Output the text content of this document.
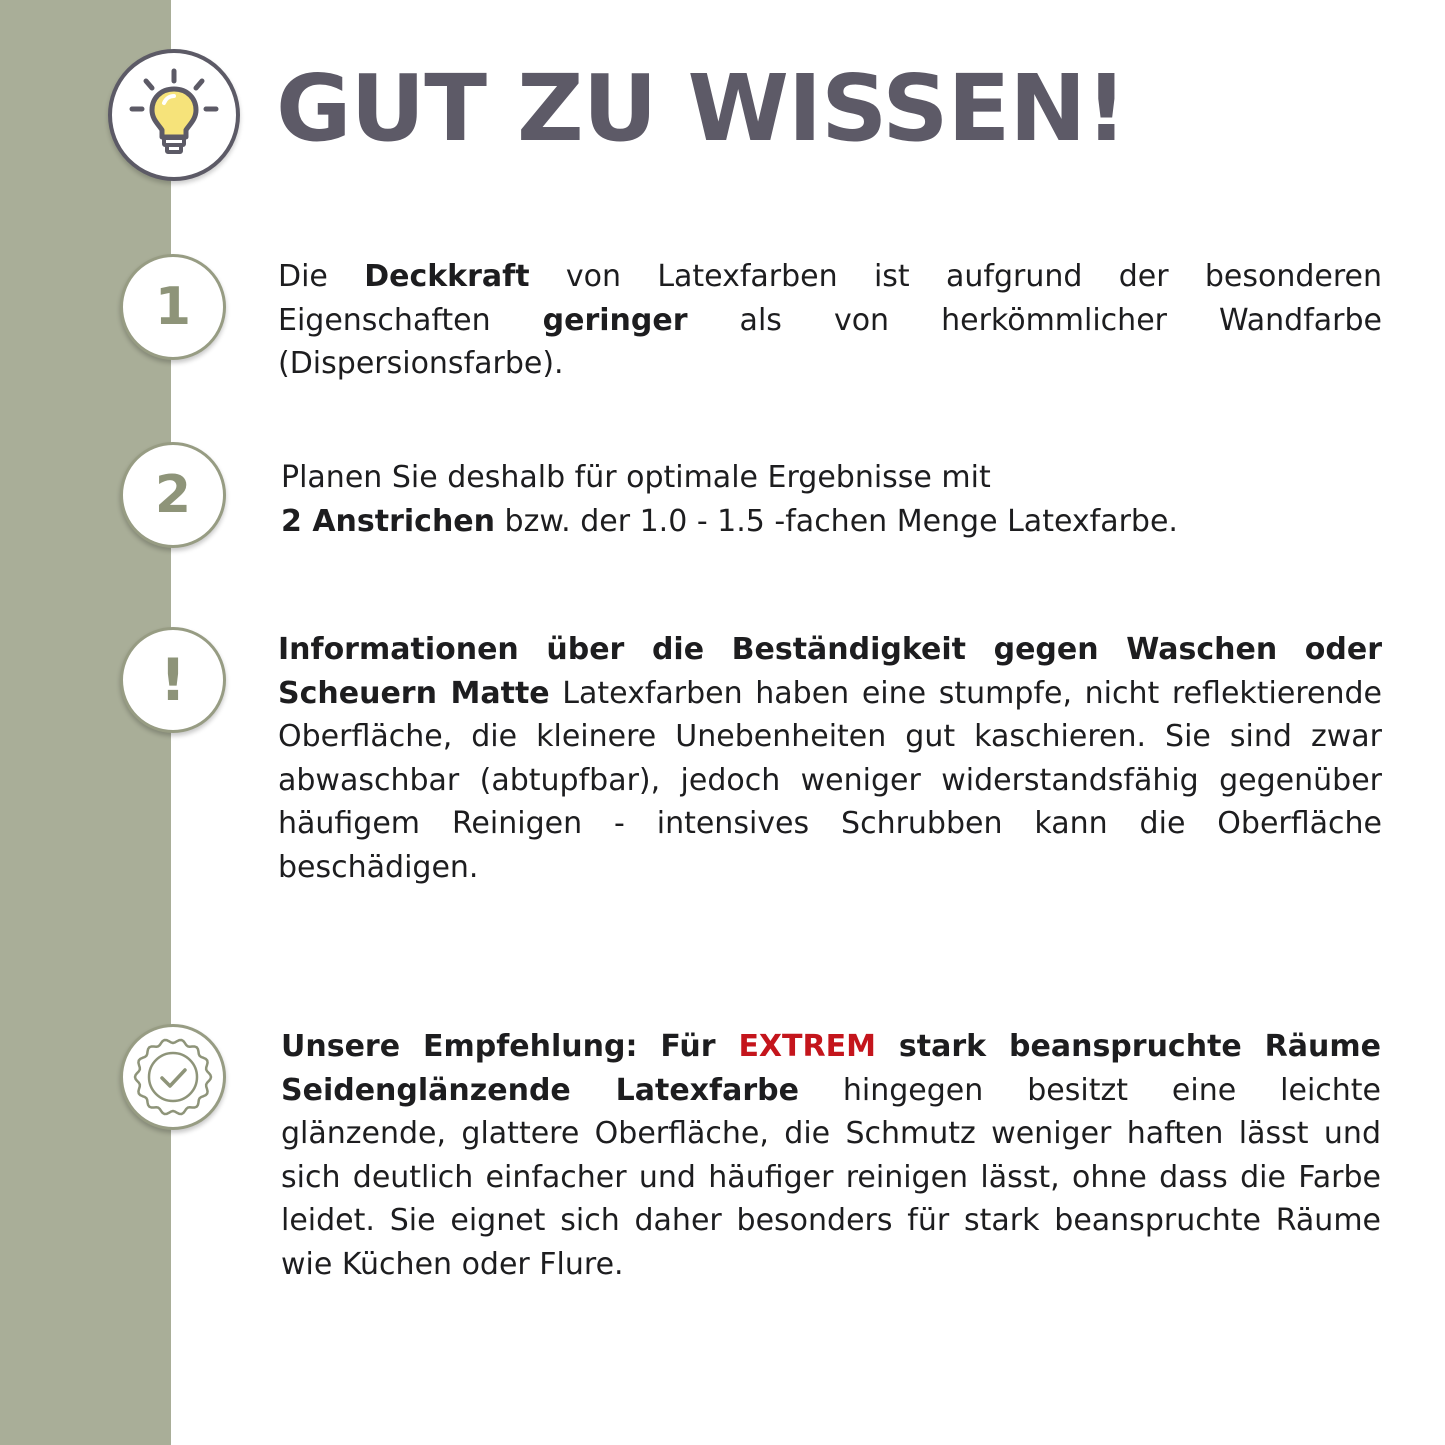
GUT ZU WISSEN!
1

Die Deckkraft von Latexfarben ist aufgrund der besonderen Eigenschaften geringer als von herkömmlicher Wandfarbe (Dispersionsfarbe).

2	Planen Sie deshalb für optimale Ergebnisse mit
2 Anstrichen bzw. der 1.0 - 1.5 -fachen Menge Latexfarbe.

!	Informationen über die Beständigkeit gegen Waschen oder Scheuern Matte Latexfarben haben eine stumpfe, nicht reflektierende Oberfläche, die kleinere Unebenheiten gut kaschieren. Sie sind zwar abwaschbar (abtupfbar), jedoch weniger widerstandsfähig gegenüber häufigem Reinigen - intensives Schrubben kann die Oberfläche beschädigen.

Unsere Empfehlung: Für EXTREM stark beanspruchte Räume Seidenglänzende Latexfarbe hingegen besitzt eine leichte glänzende, glattere Oberfläche, die Schmutz weniger haften lässt und sich deutlich einfacher und häufiger reinigen lässt, ohne dass die Farbe leidet. Sie eignet sich daher besonders für stark beanspruchte Räume wie Küchen oder Flure.
